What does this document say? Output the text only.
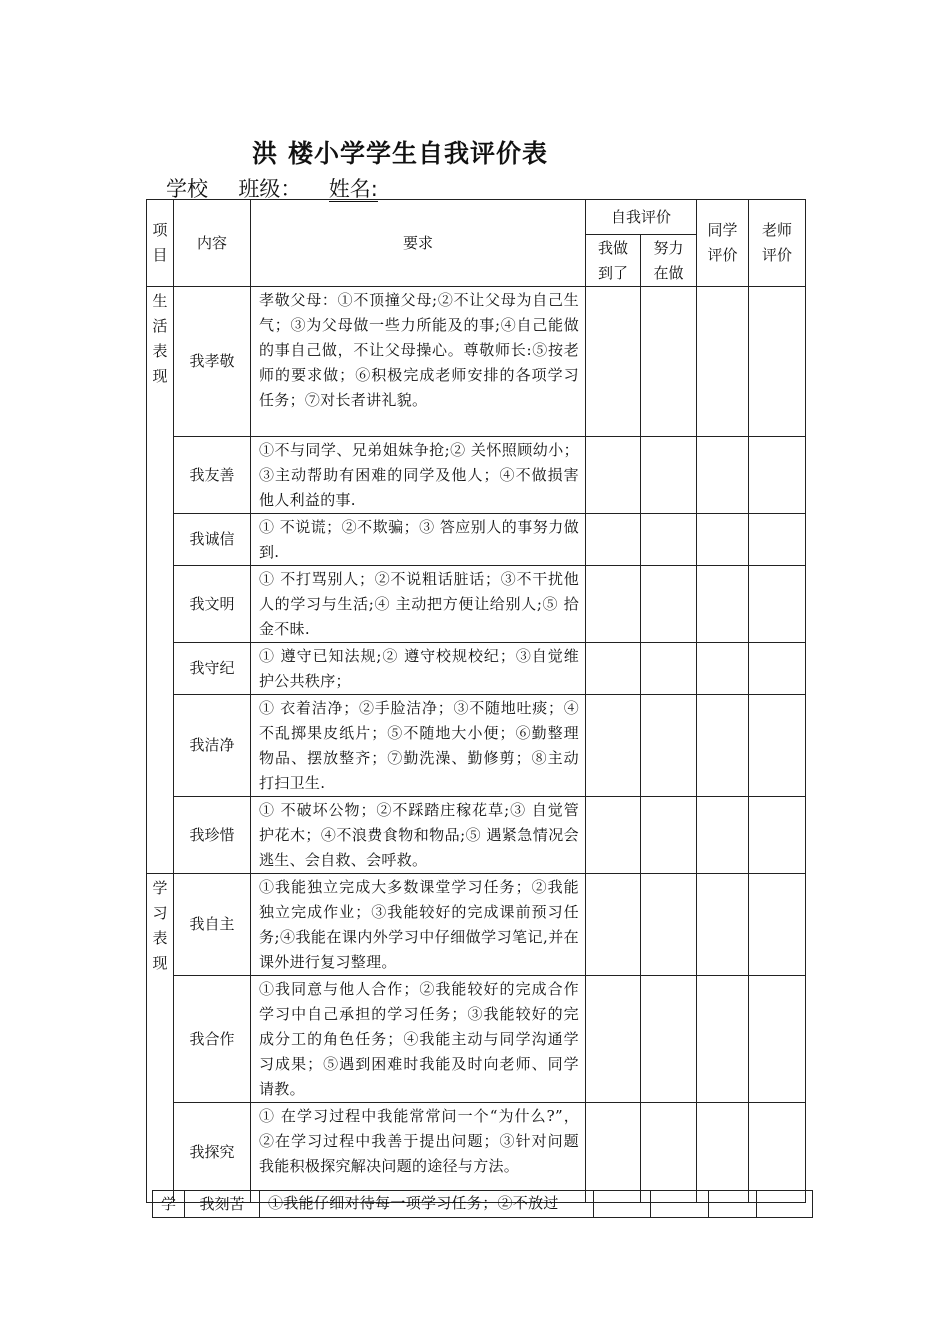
洪 楼小学学生自我评价表
学校 班级： 姓名:
项目	内容	要求	自我评价		同学评价	老师评价

			我做到了	努力在做		

生活表现	我孝敬	孝敬父母：①不顶撞父母;②不让父母为自己生气；③为父母做一些力所能及的事;④自己能做的事自己做，不让父母操心。尊敬师长:⑤按老师的要求做；⑥积极完成老师安排的各项学习任务；⑦对长者讲礼貌。				
	我友善	①不与同学、兄弟姐妹争抢;② 关怀照顾幼小；③主动帮助有困难的同学及他人；④不做损害他人利益的事.				
	我诚信	① 不说谎；②不欺骗；③ 答应别人的事努力做到.				
	我文明	① 不打骂别人；②不说粗话脏话；③不干扰他人的学习与生活;④ 主动把方便让给别人;⑤ 拾金不昧.				
	我守纪	① 遵守已知法规;② 遵守校规校纪；③自觉维护公共秩序；				
	我洁净	① 衣着洁净；②手脸洁净；③不随地吐痰；④不乱掷果皮纸片；⑤不随地大小便；⑥勤整理物品、摆放整齐；⑦勤洗澡、勤修剪；⑧主动打扫卫生.				
	我珍惜	① 不破坏公物；②不踩踏庄稼花草;③ 自觉管护花木；④不浪费食物和物品;⑤ 遇紧急情况会逃生、会自救、会呼救。				

学习表现	我自主	①我能独立完成大多数课堂学习任务；②我能独立完成作业；③我能较好的完成课前预习任务;④我能在课内外学习中仔细做学习笔记,并在课外进行复习整理。				
	我合作	①我同意与他人合作；②我能较好的完成合作学习中自己承担的学习任务；③我能较好的完成分工的角色任务；④我能主动与同学沟通学习成果；⑤遇到困难时我能及时向老师、同学请教。				
	我探究	① 在学习过程中我能常常问一个“为什么?”，②在学习过程中我善于提出问题；③针对问题我能积极探究解决问题的途径与方法。				
学	我刻苦	①我能仔细对待每一项学习任务；②不放过				
